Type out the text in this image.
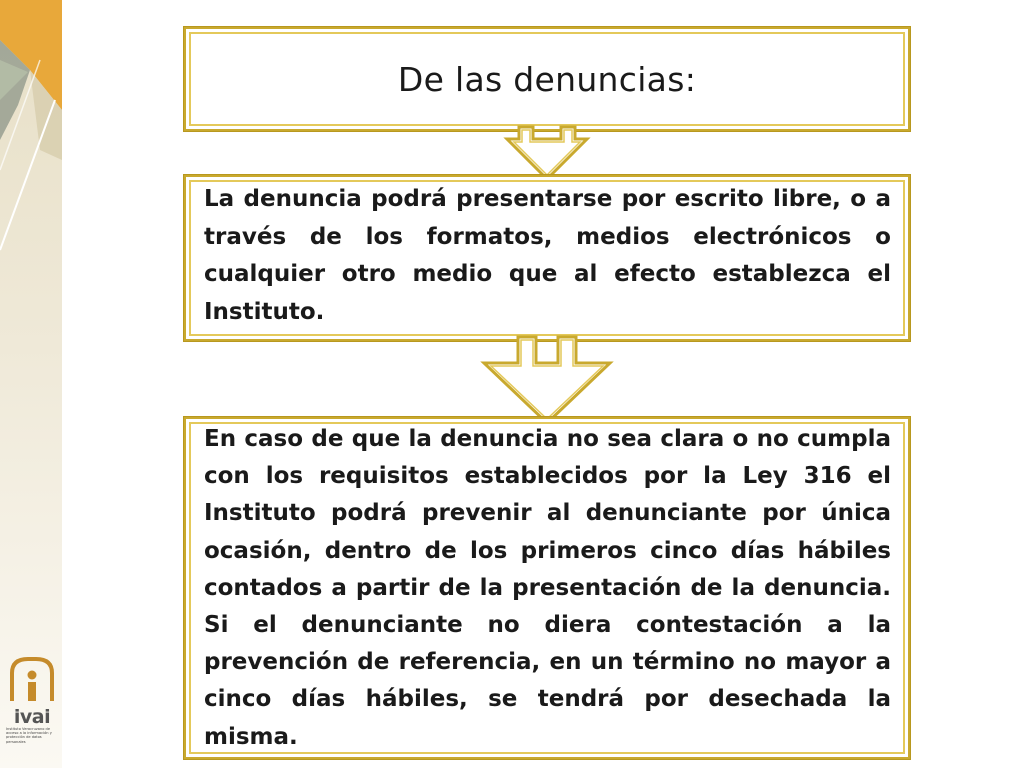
De las denuncias:
La denuncia podrá presentarse por escrito libre, o a través de los formatos, medios electrónicos o cualquier otro medio que al efecto establezca el Instituto.
En caso de que la denuncia no sea clara o no cumpla con los requisitos establecidos por la Ley 316 el Instituto podrá prevenir al denunciante por única ocasión, dentro de los primeros cinco días hábiles contados a partir de la presentación de la denuncia. Si el denunciante no diera contestación a la prevención de referencia, en un término no mayor a cinco días hábiles, se tendrá por desechada la misma.
ivai
Instituto Veracruzano de acceso a la información y protección de datos personales
